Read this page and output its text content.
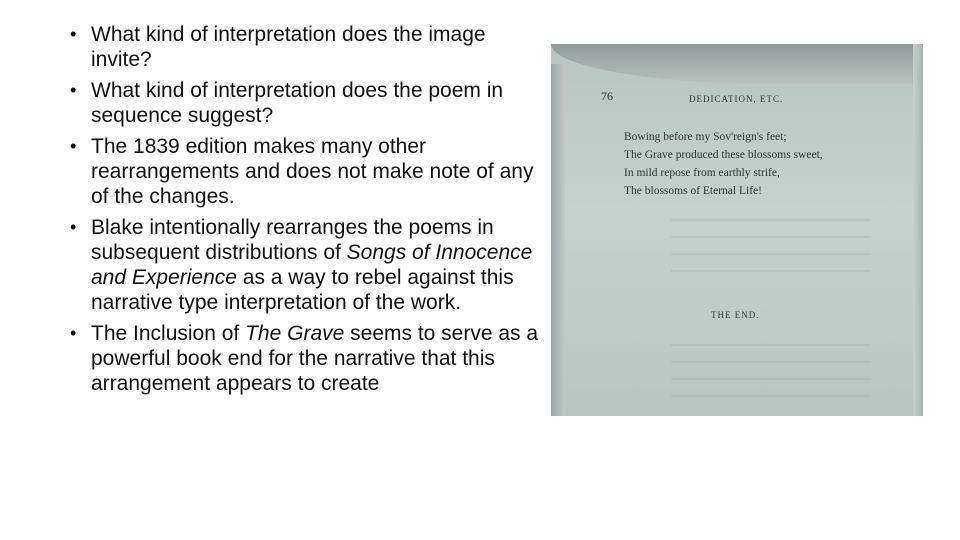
• What kind of interpretation does the image invite?
• What kind of interpretation does the poem in sequence suggest?
• The 1839 edition makes many other rearrangements and does not make note of any of the changes.
• Blake intentionally rearranges the poems in subsequent distributions of Songs of Innocence and Experience as a way to rebel against this narrative type interpretation of the work.
• The Inclusion of The Grave seems to serve as a powerful book end for the narrative that this arrangement appears to create
76	DEDICATION, ETC.
Bowing before my Sov'reign's feet;
The Grave produced these blossoms sweet,
In mild repose from earthly strife,
The blossoms of Eternal Life!
THE END.
